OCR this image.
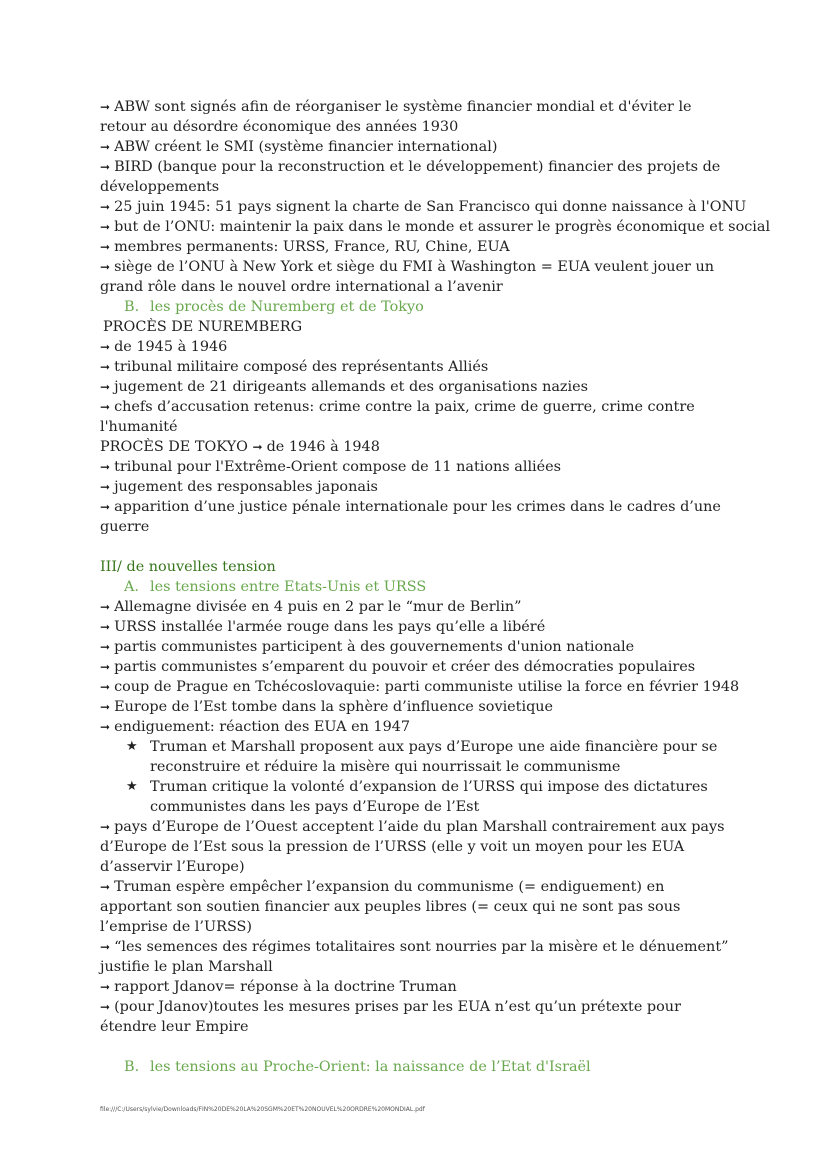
➞ ABW sont signés afin de réorganiser le système financier mondial et d'éviter le retour au désordre économique des années 1930
➞ ABW créent le SMI (système financier international)
➞ BIRD (banque pour la reconstruction et le développement) financier des projets de développements
➞ 25 juin 1945: 51 pays signent la charte de San Francisco qui donne naissance à l'ONU
➞ but de l’ONU: maintenir la paix dans le monde et assurer le progrès économique et social
➞ membres permanents: URSS, France, RU, Chine, EUA
➞ siège de l’ONU à New York et siège du FMI à Washington = EUA veulent jouer un grand rôle dans le nouvel ordre international a l’avenir
B. les procès de Nuremberg et de Tokyo
PROCÈS DE NUREMBERG
➞ de 1945 à 1946
➞ tribunal militaire composé des représentants Alliés
➞ jugement de 21 dirigeants allemands et des organisations nazies
➞ chefs d’accusation retenus: crime contre la paix, crime de guerre, crime contre l'humanité
PROCÈS DE TOKYO ➞ de 1946 à 1948
➞ tribunal pour l'Extrême-Orient compose de 11 nations alliées
➞ jugement des responsables japonais
➞ apparition d’une justice pénale internationale pour les crimes dans le cadres d’une guerre
III/ de nouvelles tension
A. les tensions entre Etats-Unis et URSS
➞ Allemagne divisée en 4 puis en 2 par le “mur de Berlin”
➞ URSS installée l'armée rouge dans les pays qu’elle a libéré
➞ partis communistes participent à des gouvernements d'union nationale
➞ partis communistes s’emparent du pouvoir et créer des démocraties populaires
➞ coup de Prague en Tchécoslovaquie: parti communiste utilise la force en février 1948
➞ Europe de l’Est tombe dans la sphère d’influence sovietique
➞ endiguement: réaction des EUA en 1947
★ Truman et Marshall proposent aux pays d’Europe une aide financière pour se reconstruire et réduire la misère qui nourrissait le communisme
★ Truman critique la volonté d’expansion de l’URSS qui impose des dictatures communistes dans les pays d’Europe de l’Est
➞ pays d’Europe de l’Ouest acceptent l’aide du plan Marshall contrairement aux pays d’Europe de l’Est sous la pression de l’URSS (elle y voit un moyen pour les EUA d’asservir l’Europe)
➞ Truman espère empêcher l’expansion du communisme (= endiguement) en apportant son soutien financier aux peuples libres (= ceux qui ne sont pas sous l’emprise de l’URSS)
➞ “les semences des régimes totalitaires sont nourries par la misère et le dénuement” justifie le plan Marshall
➞ rapport Jdanov= réponse à la doctrine Truman
➞ (pour Jdanov)toutes les mesures prises par les EUA n’est qu’un prétexte pour étendre leur Empire
B. les tensions au Proche-Orient: la naissance de l’Etat d'Israël
file:///C:/Users/sylvie/Downloads/FIN%20DE%20LA%20SGM%20ET%20NOUVEL%20ORDRE%20MONDIAL.pdf
